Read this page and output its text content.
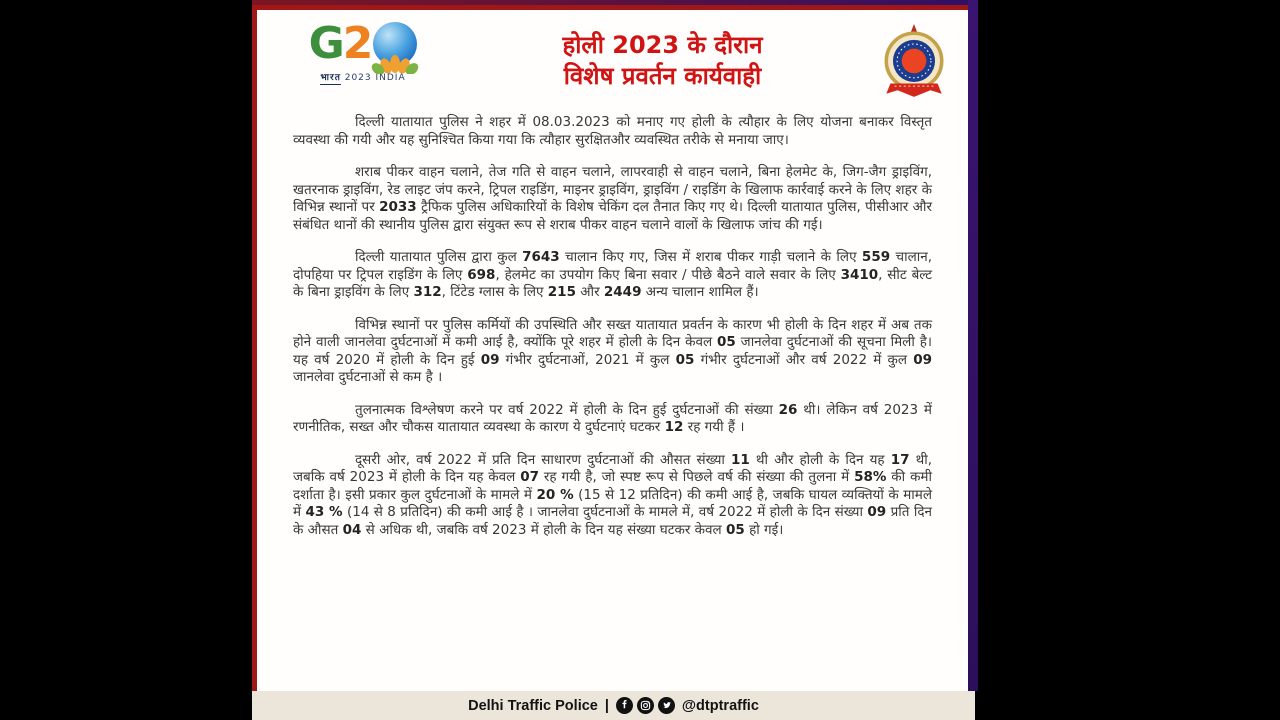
G 2
भारत 2023 INDIA
होली 2023 के दौरान
विशेष प्रवर्तन कार्यवाही

दिल्ली यातायात पुलिस ने शहर में 08.03.2023 को मनाए गए होली के त्यौहार के लिए योजना बनाकर विस्तृत व्यवस्था की गयी और यह सुनिश्चित किया गया कि त्यौहार सुरक्षितऔर व्यवस्थित तरीके से मनाया जाए।

शराब पीकर वाहन चलाने, तेज गति से वाहन चलाने, लापरवाही से वाहन चलाने, बिना हेलमेट के, जिग-जैग ड्राइविंग, खतरनाक ड्राइविंग, रेड लाइट जंप करने, ट्रिपल राइडिंग, माइनर ड्राइविंग, ड्राइविंग / राइडिंग के खिलाफ कार्रवाई करने के लिए शहर के विभिन्न स्थानों पर 2033 ट्रैफिक पुलिस अधिकारियों के विशेष चेकिंग दल तैनात किए गए थे। दिल्ली यातायात पुलिस, पीसीआर और संबंधित थानों की स्थानीय पुलिस द्वारा संयुक्त रूप से शराब पीकर वाहन चलाने वालों के खिलाफ जांच की गई।

दिल्ली यातायात पुलिस द्वारा कुल 7643 चालान किए गए, जिस में शराब पीकर गाड़ी चलाने के लिए 559 चालान, दोपहिया पर ट्रिपल राइडिंग के लिए 698, हेलमेट का उपयोग किए बिना सवार / पीछे बैठने वाले सवार के लिए 3410, सीट बेल्ट के बिना ड्राइविंग के लिए 312, टिंटेड ग्लास के लिए 215 और 2449 अन्य चालान शामिल हैं।

विभिन्न स्थानों पर पुलिस कर्मियों की उपस्थिति और सख्त यातायात प्रवर्तन के कारण भी होली के दिन शहर में अब तक होने वाली जानलेवा दुर्घटनाओं में कमी आई है, क्योंकि पूरे शहर में होली के दिन केवल 05 जानलेवा दुर्घटनाओं की सूचना मिली है। यह वर्ष 2020 में होली के दिन हुई 09 गंभीर दुर्घटनाओं, 2021 में कुल 05 गंभीर दुर्घटनाओं और वर्ष 2022 में कुल 09 जानलेवा दुर्घटनाओं से कम है ।

तुलनात्मक विश्लेषण करने पर वर्ष 2022 में होली के दिन हुई दुर्घटनाओं की संख्या 26 थी। लेकिन वर्ष 2023 में रणनीतिक, सख्त और चौकस यातायात व्यवस्था के कारण ये दुर्घटनाएं घटकर 12 रह गयी हैं ।

दूसरी ओर, वर्ष 2022 में प्रति दिन साधारण दुर्घटनाओं की औसत संख्या 11 थी और होली के दिन यह 17 थी, जबकि वर्ष 2023 में होली के दिन यह केवल 07 रह गयी है, जो स्पष्ट रूप से पिछले वर्ष की संख्या की तुलना में 58% की कमी दर्शाता है। इसी प्रकार कुल दुर्घटनाओं के मामले में 20 % (15 से 12 प्रतिदिन) की कमी आई है, जबकि घायल व्यक्तियों के मामले में 43 % (14 से 8 प्रतिदिन) की कमी आई है । जानलेवा दुर्घटनाओं के मामले में, वर्ष 2022 में होली के दिन संख्या 09 प्रति दिन के औसत 04 से अधिक थी, जबकि वर्ष 2023 में होली के दिन यह संख्या घटकर केवल 05 हो गई।

Delhi Traffic Police |	@dtptraffic
